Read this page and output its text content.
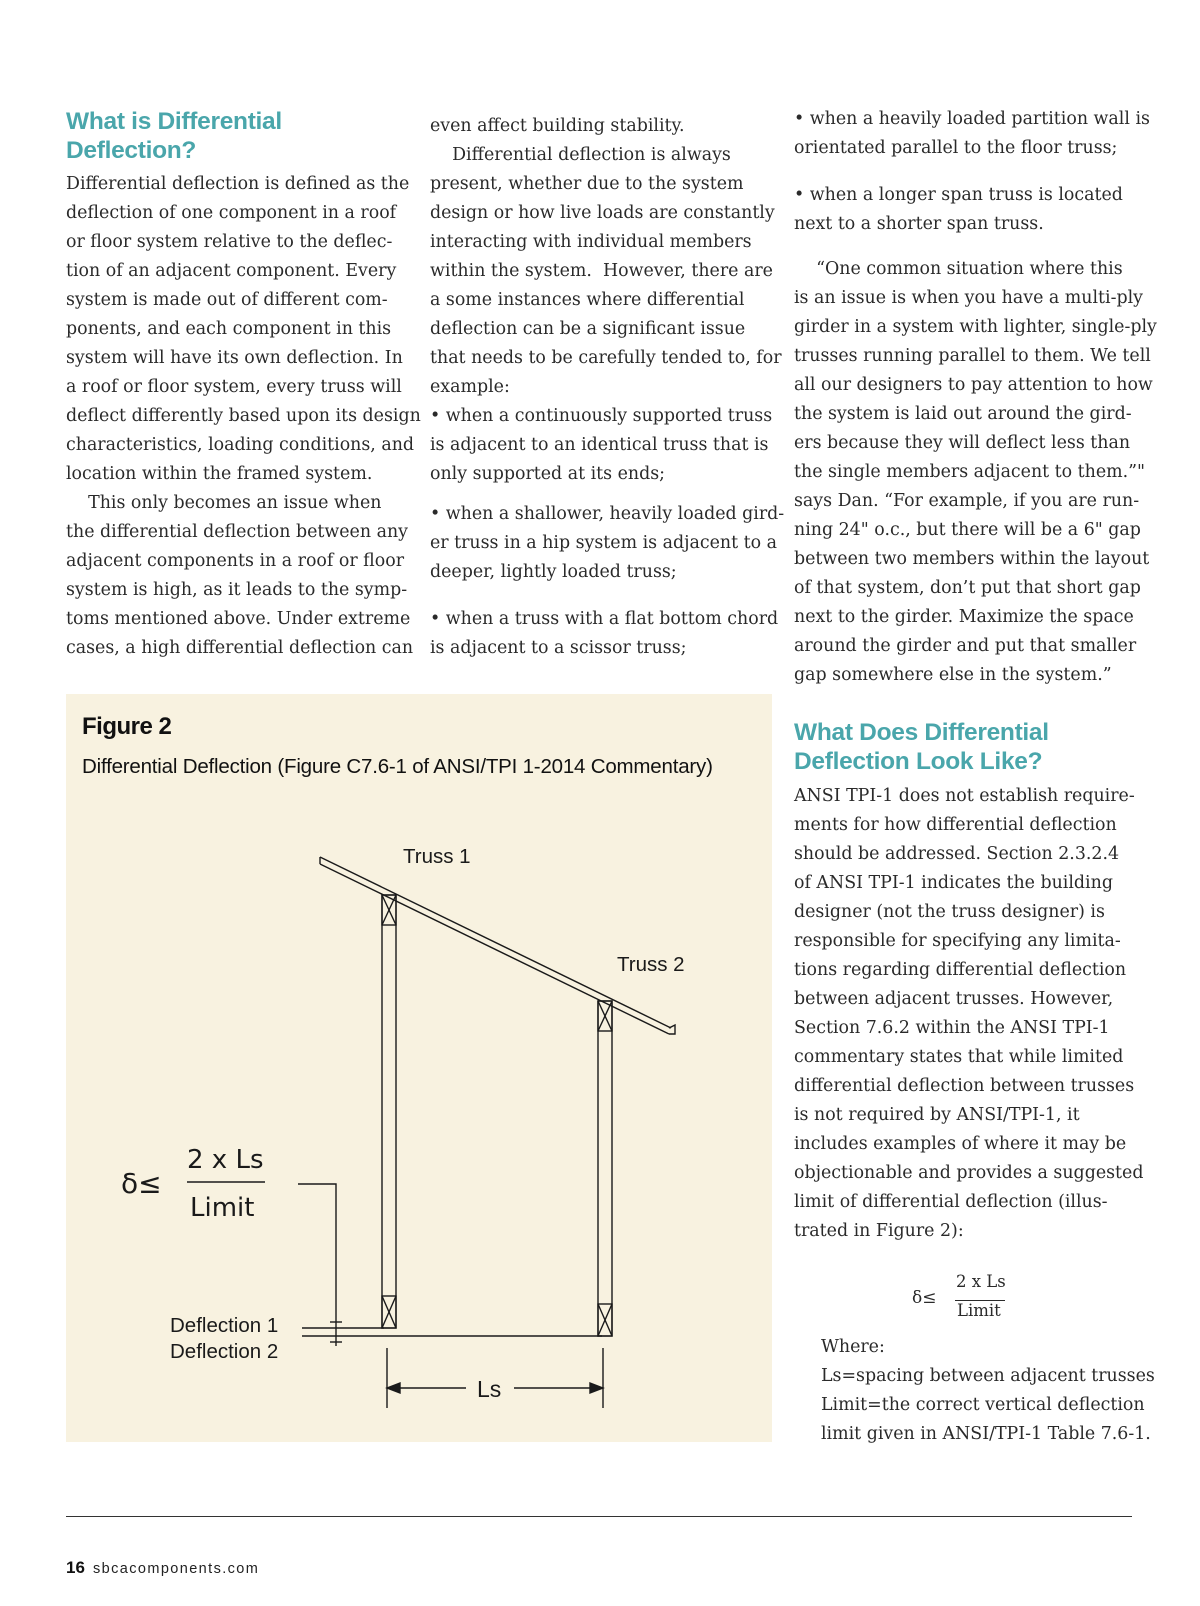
What is Differential
Deflection?
Differential deflection is defined as the
deflection of one component in a roof
or floor system relative to the deflec-
tion of an adjacent component. Every
system is made out of different com-
ponents, and each component in this
system will have its own deflection. In
a roof or floor system, every truss will
deflect differently based upon its design
characteristics, loading conditions, and
location within the framed system.
This only becomes an issue when
the differential deflection between any
adjacent components in a roof or floor
system is high, as it leads to the symp-
toms mentioned above. Under extreme
cases, a high differential deflection can
even affect building stability.
Differential deflection is always
present, whether due to the system
design or how live loads are constantly
interacting with individual members
within the system.  However, there are
a some instances where differential
deflection can be a significant issue
that needs to be carefully tended to, for
example:
• when a continuously supported truss
is adjacent to an identical truss that is
only supported at its ends;
• when a shallower, heavily loaded gird-
er truss in a hip system is adjacent to a
deeper, lightly loaded truss;
• when a truss with a flat bottom chord
is adjacent to a scissor truss;
• when a heavily loaded partition wall is
orientated parallel to the floor truss;
• when a longer span truss is located
next to a shorter span truss.
“One common situation where this
is an issue is when you have a multi-ply
girder in a system with lighter, single-ply
trusses running parallel to them. We tell
all our designers to pay attention to how
the system is laid out around the gird-
ers because they will deflect less than
the single members adjacent to them.”"
says Dan. “For example, if you are run-
ning 24" o.c., but there will be a 6" gap
between two members within the layout
of that system, don’t put that short gap
next to the girder. Maximize the space
around the girder and put that smaller
gap somewhere else in the system.”
What Does Differential
Deflection Look Like?
ANSI TPI-1 does not establish require-
ments for how differential deflection
should be addressed. Section 2.3.2.4
of ANSI TPI-1 indicates the building
designer (not the truss designer) is
responsible for specifying any limita-
tions regarding differential deflection
between adjacent trusses. However,
Section 7.6.2 within the ANSI TPI-1
commentary states that while limited
differential deflection between trusses
is not required by ANSI/TPI-1, it
includes examples of where it may be
objectionable and provides a suggested
limit of differential deflection (illus-
trated in Figure 2):
δ≤
2 x Ls
Limit
Where:
Ls=spacing between adjacent trusses
Limit=the correct vertical deflection
limit given in ANSI/TPI-1 Table 7.6-1.
Figure 2
Differential Deflection (Figure C7.6-1 of ANSI/TPI 1-2014 Commentary)
Truss 1
Truss 2
Deflection 1
Deflection 2
Ls
δ≤
2 x Ls
Limit
16 sbcacomponents.com
